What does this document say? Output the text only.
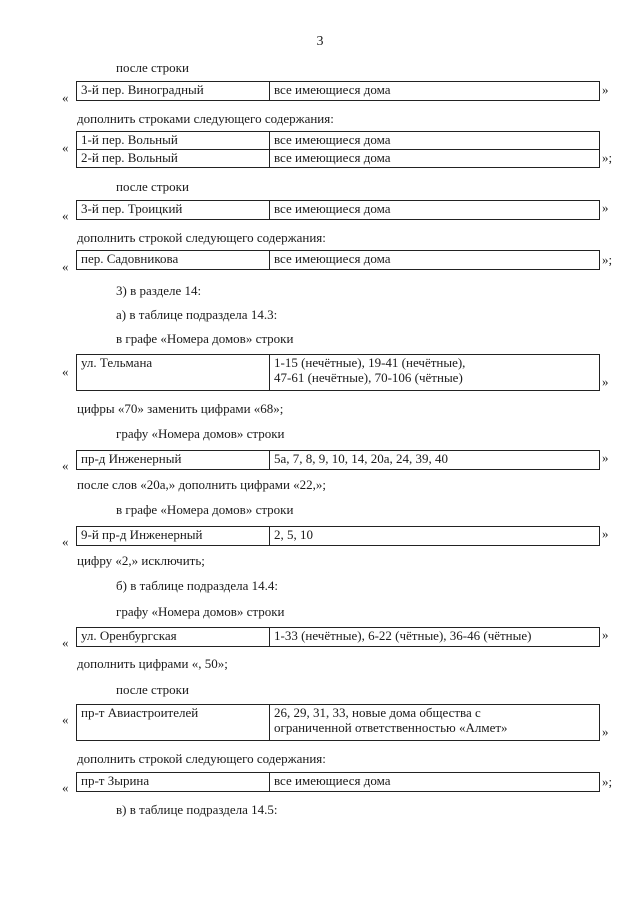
3
после строки
«
3-й пер. Виноградный	все имеющиеся дома	»
дополнить строками следующего содержания:
«
1-й пер. Вольный	все имеющиеся дома
2-й пер. Вольный	все имеющиеся дома	»;
после строки
« 3-й пер. Троицкий	все имеющиеся дома	»
дополнить строкой следующего содержания:
«
пер. Садовникова	все имеющиеся дома	»;
3) в разделе 14:
а) в таблице подраздела 14.3:
в графе «Номера домов» строки
«
ул. Тельмана	1-15 (нечётные), 19-41 (нечётные),
47-61 (нечётные), 70-106 (чётные)	»
цифры «70» заменить цифрами «68»;
графу «Номера домов» строки
« пр-д Инженерный	5а, 7, 8, 9, 10, 14, 20а, 24, 39, 40	»
после слов «20а,» дополнить цифрами «22,»;
в графе «Номера домов» строки
« 9-й пр-д Инженерный	2, 5, 10	»
цифру «2,» исключить;
б) в таблице подраздела 14.4:
графу «Номера домов» строки
« ул. Оренбургская	1-33 (нечётные), 6-22 (чётные), 36-46 (чётные)	»
дополнить цифрами «, 50»;
после строки
« пр-т Авиастроителей	26, 29, 31, 33, новые дома общества с
ограниченной ответственностью «Алмет»	»
дополнить строкой следующего содержания:
« пр-т Зырина	все имеющиеся дома	»;
в) в таблице подраздела 14.5:
